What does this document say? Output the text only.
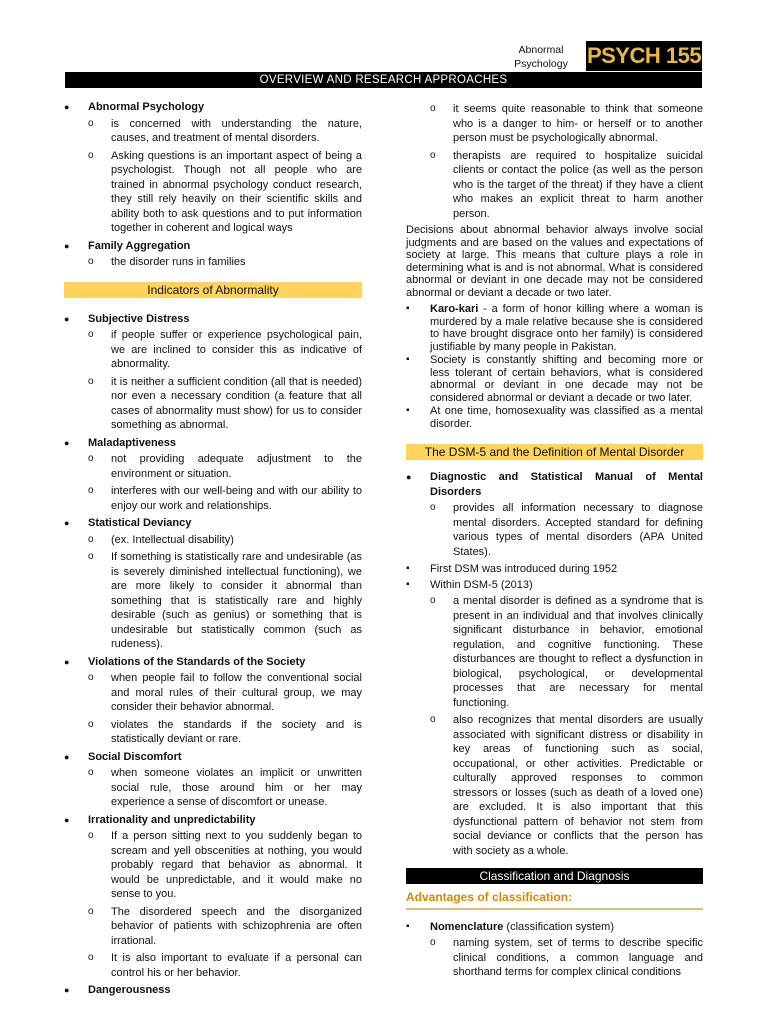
Abnormal
Psychology PSYCH 155
OVERVIEW AND RESEARCH APPROACHES
● Abnormal Psychology
o is concerned with understanding the nature, causes, and treatment of mental disorders.
o Asking questions is an important aspect of being a psychologist. Though not all people who are trained in abnormal psychology conduct research, they still rely heavily on their scientific skills and ability both to ask questions and to put information together in coherent and logical ways
● Family Aggregation
o the disorder runs in families
Indicators of Abnormality
● Subjective Distress
o if people suffer or experience psychological pain, we are inclined to consider this as indicative of abnormality.
o it is neither a sufficient condition (all that is needed) nor even a necessary condition (a feature that all cases of abnormality must show) for us to consider something as abnormal.
● Maladaptiveness
o not providing adequate adjustment to the environment or situation.
o interferes with our well-being and with our ability to enjoy our work and relationships.
● Statistical Deviancy
o (ex. Intellectual disability)
o If something is statistically rare and undesirable (as is severely diminished intellectual functioning), we are more likely to consider it abnormal than something that is statistically rare and highly desirable (such as genius) or something that is undesirable but statistically common (such as rudeness).
● Violations of the Standards of the Society
o when people fail to follow the conventional social and moral rules of their cultural group, we may consider their behavior abnormal.
o violates the standards if the society and is statistically deviant or rare.
● Social Discomfort
o when someone violates an implicit or unwritten social rule, those around him or her may experience a sense of discomfort or unease.
● Irrationality and unpredictability
o If a person sitting next to you suddenly began to scream and yell obscenities at nothing, you would probably regard that behavior as abnormal. It would be unpredictable, and it would make no sense to you.
o The disordered speech and the disorganized behavior of patients with schizophrenia are often irrational.
o It is also important to evaluate if a personal can control his or her behavior.
● Dangerousness
o it seems quite reasonable to think that someone who is a danger to him- or herself or to another person must be psychologically abnormal.
o therapists are required to hospitalize suicidal clients or contact the police (as well as the person who is the target of the threat) if they have a client who makes an explicit threat to harm another person.
Decisions about abnormal behavior always involve social judgments and are based on the values and expectations of society at large. This means that culture plays a role in determining what is and is not abnormal. What is considered abnormal or deviant in one decade may not be considered abnormal or deviant a decade or two later.
▪ Karo-kari - a form of honor killing where a woman is murdered by a male relative because she is considered to have brought disgrace onto her family) is considered justifiable by many people in Pakistan.
▪ Society is constantly shifting and becoming more or less tolerant of certain behaviors, what is considered abnormal or deviant in one decade may not be considered abnormal or deviant a decade or two later.
▪ At one time, homosexuality was classified as a mental disorder.
The DSM-5 and the Definition of Mental Disorder
● Diagnostic and Statistical Manual of Mental Disorders
o provides all information necessary to diagnose mental disorders. Accepted standard for defining various types of mental disorders (APA United States).
▪ First DSM was introduced during 1952
▪ Within DSM-5 (2013)
o a mental disorder is defined as a syndrome that is present in an individual and that involves clinically significant disturbance in behavior, emotional regulation, and cognitive functioning. These disturbances are thought to reflect a dysfunction in biological, psychological, or developmental processes that are necessary for mental functioning.
o also recognizes that mental disorders are usually associated with significant distress or disability in key areas of functioning such as social, occupational, or other activities. Predictable or culturally approved responses to common stressors or losses (such as death of a loved one) are excluded. It is also important that this dysfunctional pattern of behavior not stem from social deviance or conflicts that the person has with society as a whole.
Classification and Diagnosis
Advantages of classification:
▪ Nomenclature (classification system)
o naming system, set of terms to describe specific clinical conditions, a common language and shorthand terms for complex clinical conditions
